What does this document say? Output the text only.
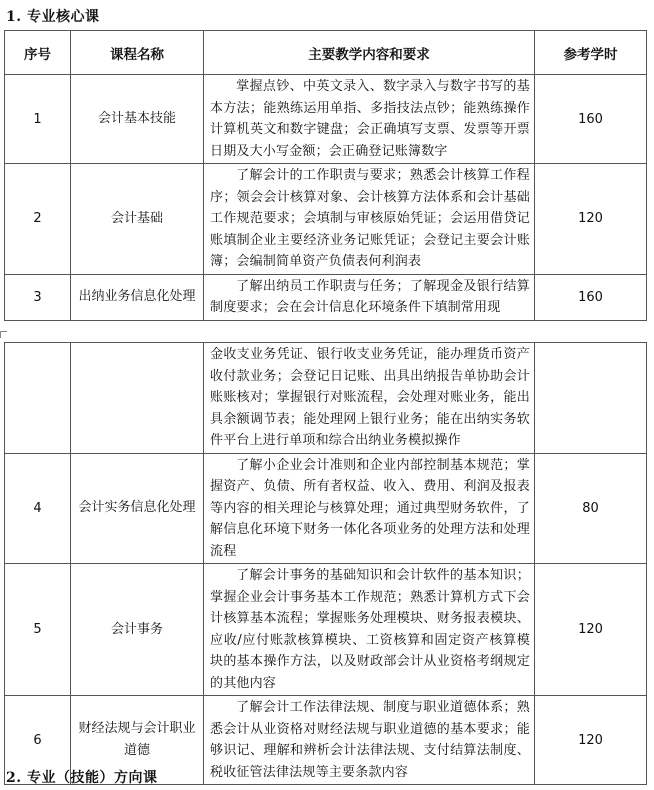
1. 专业核心课
序号	课程名称	主要教学内容和要求	参考学时
1	会计基本技能	掌握点钞、中英文录入、数字录入与数字书写的基本方法；能熟练运用单指、多指技法点钞；能熟练操作计算机英文和数字键盘；会正确填写支票、发票等开票日期及大小写金额；会正确登记账簿数字	160
2	会计基础	了解会计的工作职责与要求；熟悉会计核算工作程序；领会会计核算对象、会计核算方法体系和会计基础工作规范要求；会填制与审核原始凭证；会运用借贷记账填制企业主要经济业务记账凭证；会登记主要会计账簿；会编制简单资产负债表何利润表	120
3	出纳业务信息化处理	了解出纳员工作职责与任务；了解现金及银行结算制度要求；会在会计信息化环境条件下填制常用现	160
		金收支业务凭证、银行收支业务凭证，能办理货币资产收付款业务；会登记日记账、出具出纳报告单协助会计账账核对；掌握银行对账流程，会处理对账业务，能出具余额调节表；能处理网上银行业务；能在出纳实务软件平台上进行单项和综合出纳业务模拟操作	
4	会计实务信息化处理	了解小企业会计准则和企业内部控制基本规范；掌握资产、负债、所有者权益、收入、费用、利润及报表等内容的相关理论与核算处理；通过典型财务软件，了解信息化环境下财务一体化各项业务的处理方法和处理流程	80
5	会计事务	了解会计事务的基础知识和会计软件的基本知识；掌握企业会计事务基本工作规范；熟悉计算机方式下会计核算基本流程；掌握账务处理模块、财务报表模块、应收/应付账款核算模块、工资核算和固定资产核算模块的基本操作方法，以及财政部会计从业资格考纲规定的其他内容	120
6	财经法规与会计职业道德	了解会计工作法律法规、制度与职业道德体系；熟悉会计从业资格对财经法规与职业道德的基本要求；能够识记、理解和辨析会计法律法规、支付结算法制度、税收征管法律法规等主要条款内容	120
2. 专业（技能）方向课
